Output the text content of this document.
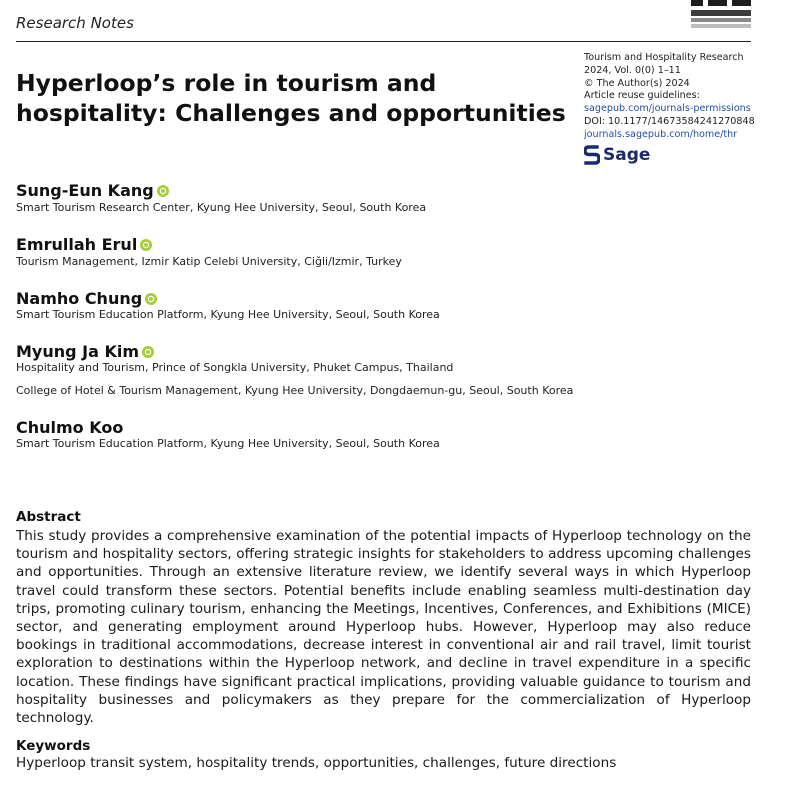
Research Notes
Hyperloop’s role in tourism and hospitality: Challenges and opportunities
Tourism and Hospitality Research
2024, Vol. 0(0) 1–11
© The Author(s) 2024
Article reuse guidelines:
sagepub.com/journals-permissions
DOI: 10.1177/14673584241270848
journals.sagepub.com/home/thr
Sage
Sung-Eun Kang
Smart Tourism Research Center, Kyung Hee University, Seoul, South Korea
Emrullah Erul
Tourism Management, Izmir Katip Celebi University, Ciğli/Izmir, Turkey
Namho Chung
Smart Tourism Education Platform, Kyung Hee University, Seoul, South Korea
Myung Ja Kim
Hospitality and Tourism, Prince of Songkla University, Phuket Campus, Thailand
College of Hotel & Tourism Management, Kyung Hee University, Dongdaemun-gu, Seoul, South Korea
Chulmo Koo
Smart Tourism Education Platform, Kyung Hee University, Seoul, South Korea
Abstract

This study provides a comprehensive examination of the potential impacts of Hyperloop technology on the tourism and hospitality sectors, offering strategic insights for stakeholders to address upcoming challenges and opportunities. Through an extensive literature review, we identify several ways in which Hyperloop travel could transform these sectors. Potential benefits include enabling seamless multi-destination day trips, promoting culinary tourism, enhancing the Meetings, Incentives, Conferences, and Exhibitions (MICE) sector, and generating employment around Hyperloop hubs. However, Hyperloop may also reduce bookings in traditional accommodations, decrease interest in conventional air and rail travel, limit tourist exploration to destinations within the Hyperloop network, and decline in travel expenditure in a specific location. These findings have significant practical implications, providing valuable guidance to tourism and hospitality businesses and policymakers as they prepare for the commercialization of Hyperloop technology.

Keywords
Hyperloop transit system, hospitality trends, opportunities, challenges, future directions
